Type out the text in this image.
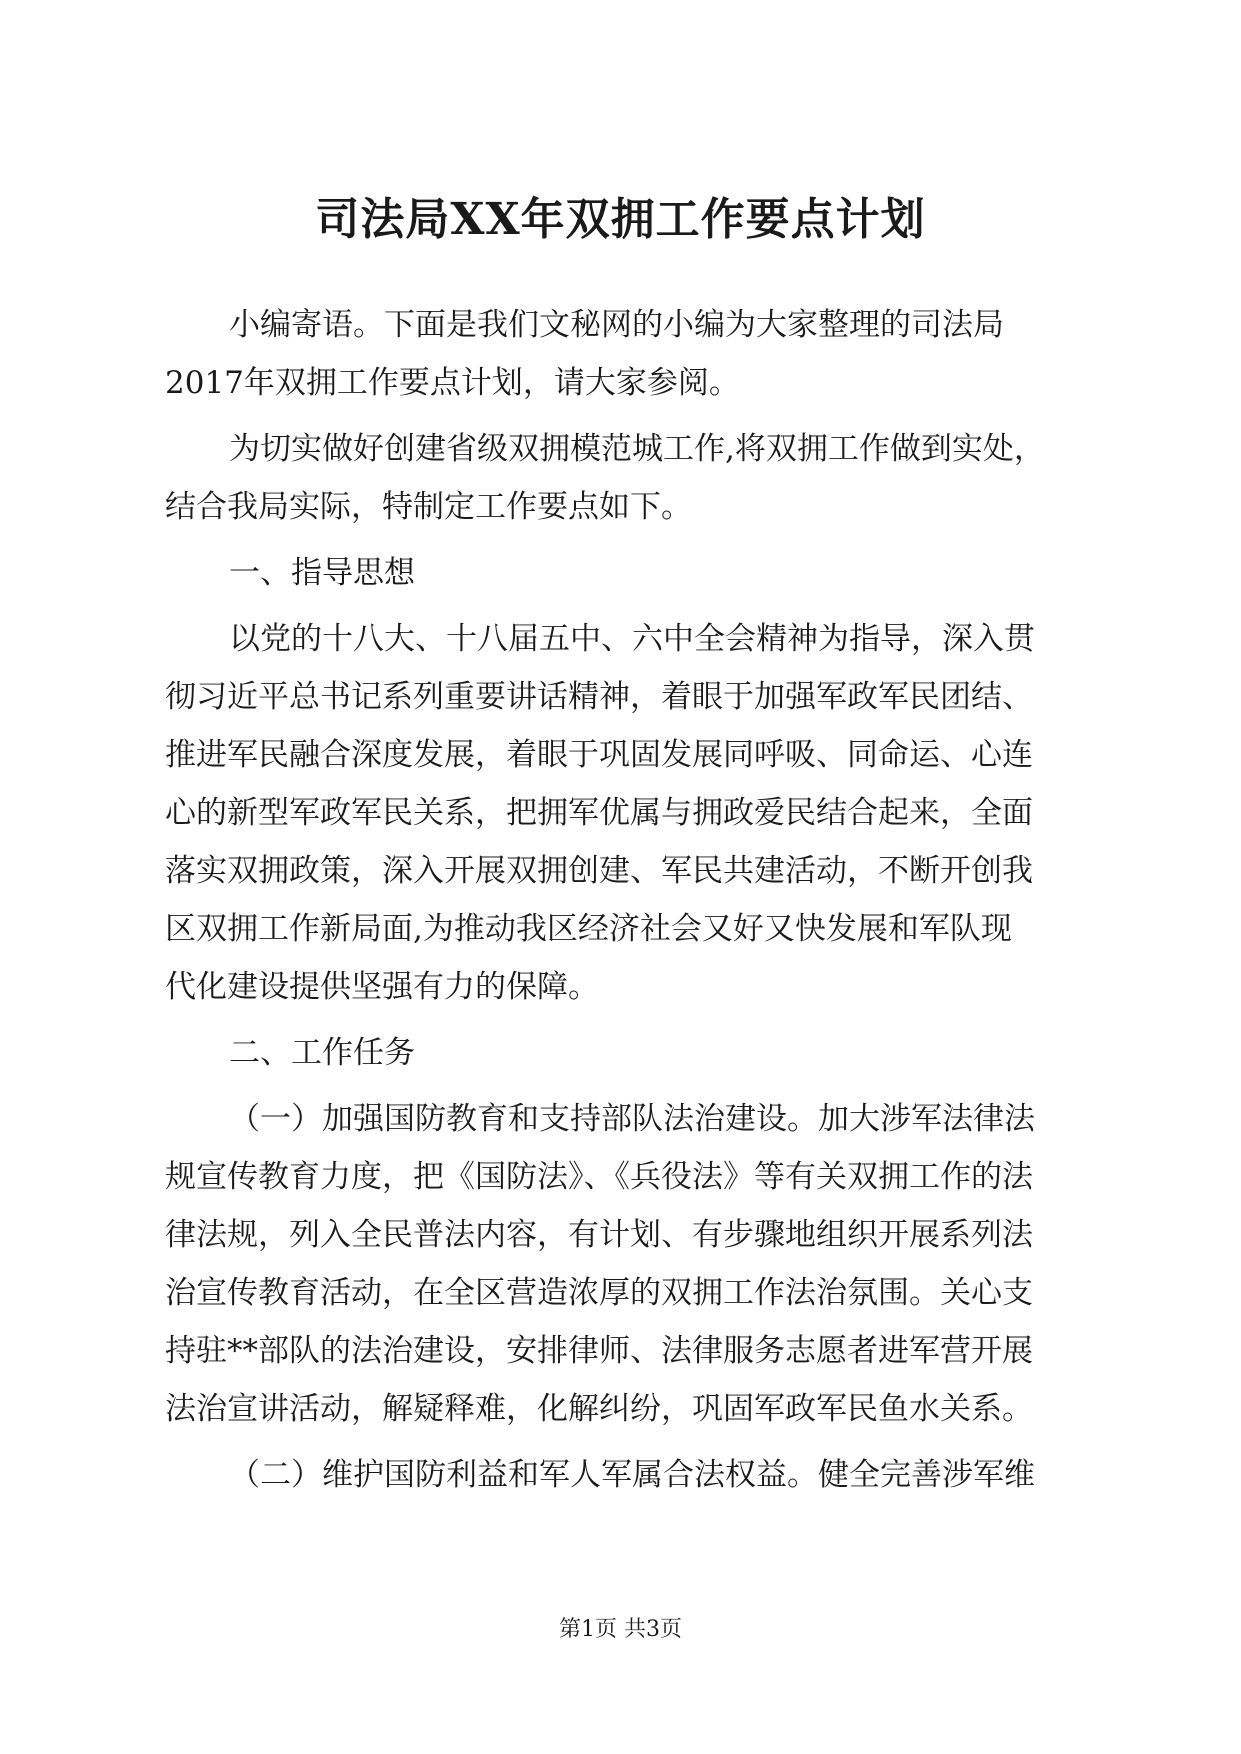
司法局XX年双拥工作要点计划
小编寄语。下面是我们文秘网的小编为大家整理的司法局
2017年双拥工作要点计划，请大家参阅。
为切实做好创建省级双拥模范城工作,将双拥工作做到实处，
结合我局实际，特制定工作要点如下。
一、指导思想
以党的十八大、十八届五中、六中全会精神为指导，深入贯
彻习近平总书记系列重要讲话精神，着眼于加强军政军民团结、
推进军民融合深度发展，着眼于巩固发展同呼吸、同命运、心连
心的新型军政军民关系，把拥军优属与拥政爱民结合起来，全面
落实双拥政策，深入开展双拥创建、军民共建活动，不断开创我
区双拥工作新局面,为推动我区经济社会又好又快发展和军队现
代化建设提供坚强有力的保障。
二、工作任务
（一）加强国防教育和支持部队法治建设。加大涉军法律法
规宣传教育力度，把《国防法》、《兵役法》等有关双拥工作的法
律法规，列入全民普法内容，有计划、有步骤地组织开展系列法
治宣传教育活动，在全区营造浓厚的双拥工作法治氛围。关心支
持驻**部队的法治建设，安排律师、法律服务志愿者进军营开展
法治宣讲活动，解疑释难，化解纠纷，巩固军政军民鱼水关系。
（二）维护国防利益和军人军属合法权益。健全完善涉军维
第1页 共3页
